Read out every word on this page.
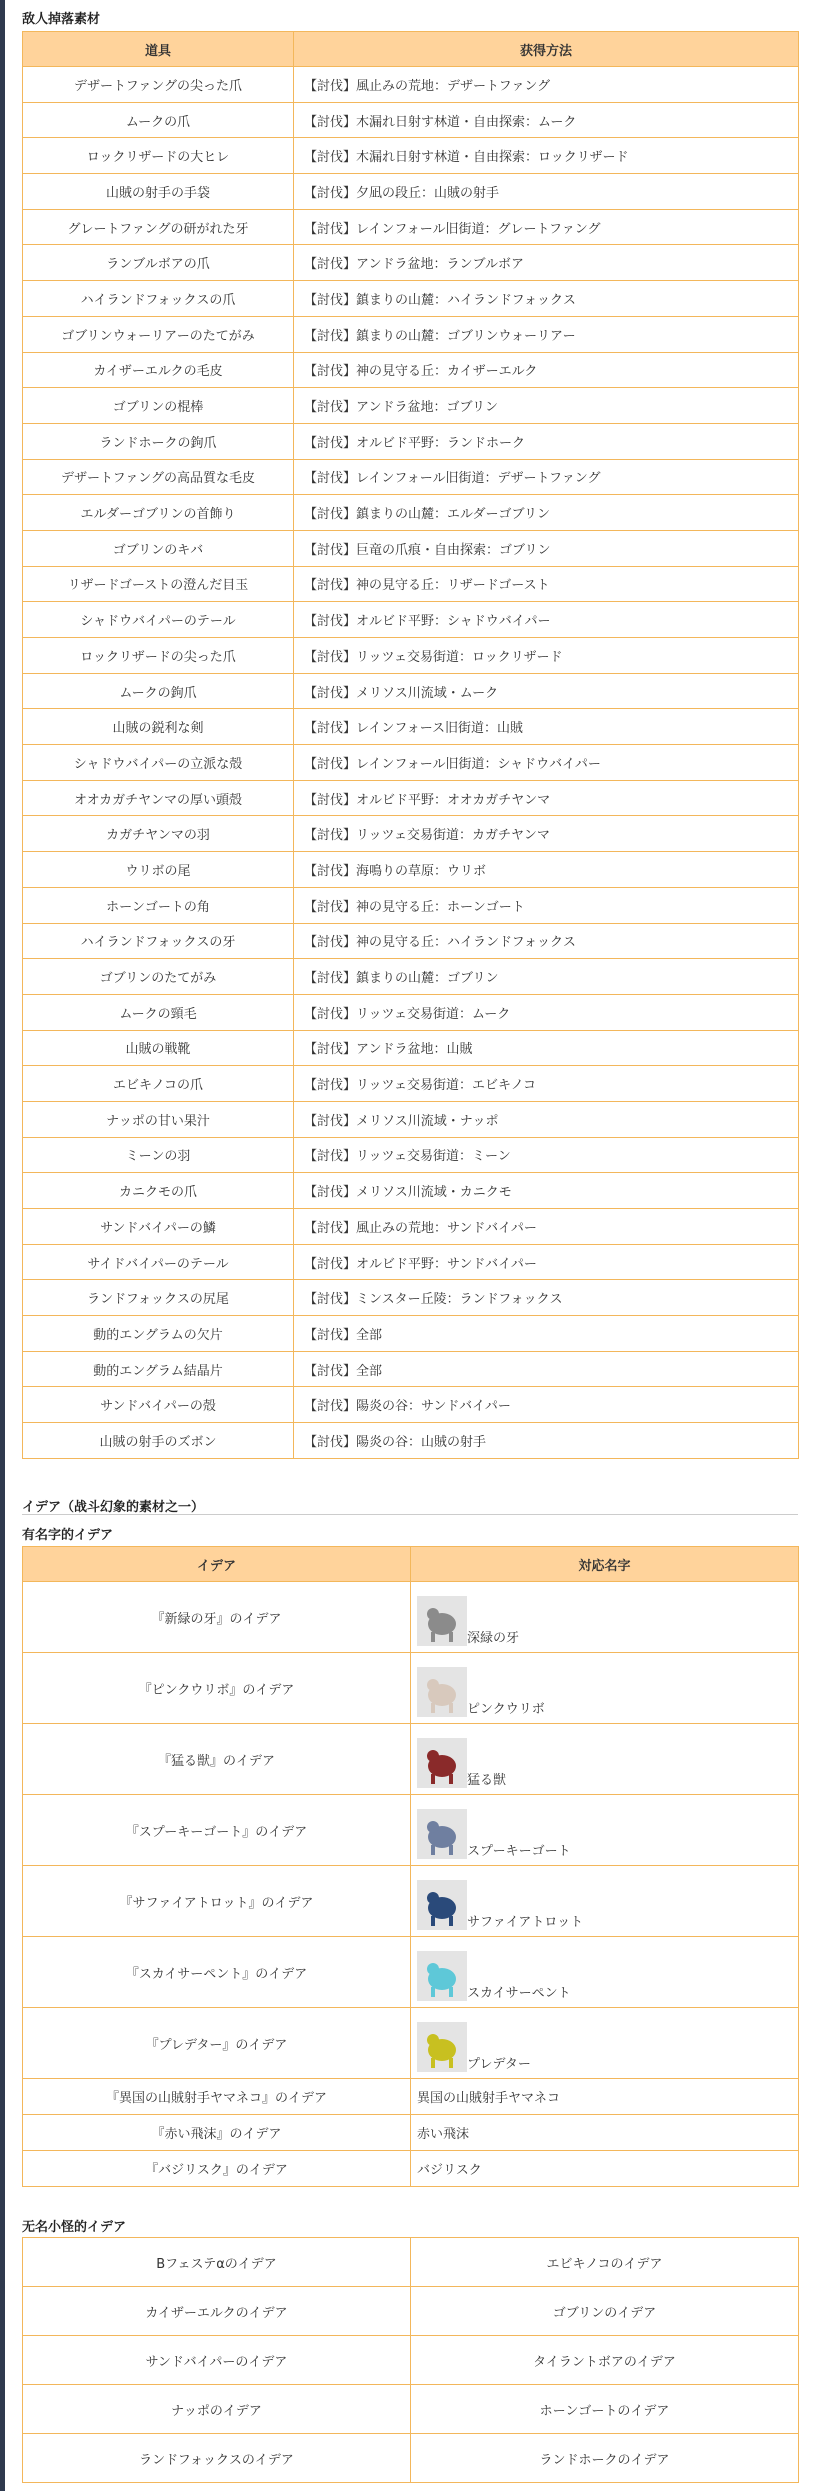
敌人掉落素材
道具	获得方法
デザートファングの尖った爪	【討伐】風止みの荒地：デザートファング
ムークの爪	【討伐】木漏れ日射す林道・自由探索：ムーク
ロックリザードの大ヒレ	【討伐】木漏れ日射す林道・自由探索：ロックリザード
山賊の射手の手袋	【討伐】夕凪の段丘：山賊の射手
グレートファングの研がれた牙	【討伐】レインフォール旧街道：グレートファング
ランブルボアの爪	【討伐】アンドラ盆地：ランブルボア
ハイランドフォックスの爪	【討伐】鎮まりの山麓：ハイランドフォックス
ゴブリンウォーリアーのたてがみ	【討伐】鎮まりの山麓：ゴブリンウォーリアー
カイザーエルクの毛皮	【討伐】神の見守る丘：カイザーエルク
ゴブリンの棍棒	【討伐】アンドラ盆地：ゴブリン
ランドホークの鉤爪	【討伐】オルビド平野：ランドホーク
デザートファングの高品質な毛皮	【討伐】レインフォール旧街道：デザートファング
エルダーゴブリンの首飾り	【討伐】鎮まりの山麓：エルダーゴブリン
ゴブリンのキバ	【討伐】巨竜の爪痕・自由探索：ゴブリン
リザードゴーストの澄んだ目玉	【討伐】神の見守る丘：リザードゴースト
シャドウバイパーのテール	【討伐】オルビド平野：シャドウバイパー
ロックリザードの尖った爪	【討伐】リッツェ交易街道：ロックリザード
ムークの鉤爪	【討伐】メリソス川流域・ムーク
山賊の鋭利な剣	【討伐】レインフォース旧街道：山賊
シャドウバイパーの立派な殻	【討伐】レインフォール旧街道：シャドウバイパー
オオカガチヤンマの厚い頭殻	【討伐】オルビド平野：オオカガチヤンマ
カガチヤンマの羽	【討伐】リッツェ交易街道：カガチヤンマ
ウリボの尾	【討伐】海鳴りの草原：ウリボ
ホーンゴートの角	【討伐】神の見守る丘：ホーンゴート
ハイランドフォックスの牙	【討伐】神の見守る丘：ハイランドフォックス
ゴブリンのたてがみ	【討伐】鎮まりの山麓：ゴブリン
ムークの頸毛	【討伐】リッツェ交易街道：ムーク
山賊の戦靴	【討伐】アンドラ盆地：山賊
エビキノコの爪	【討伐】リッツェ交易街道：エビキノコ
ナッポの甘い果汁	【討伐】メリソス川流域・ナッポ
ミーンの羽	【討伐】リッツェ交易街道：ミーン
カニクモの爪	【討伐】メリソス川流域・カニクモ
サンドバイパーの鱗	【討伐】風止みの荒地：サンドバイパー
サイドバイパーのテール	【討伐】オルビド平野：サンドバイパー
ランドフォックスの尻尾	【討伐】ミンスター丘陵：ランドフォックス
動的エングラムの欠片	【討伐】全部
動的エングラム結晶片	【討伐】全部
サンドバイパーの殻	【討伐】陽炎の谷：サンドバイパー
山賊の射手のズボン	【討伐】陽炎の谷：山賊の射手
イデア（战斗幻象的素材之一）
有名字的イデア
イデア	対応名字
『新緑の牙』のイデア	深緑の牙
『ピンクウリボ』のイデア	ピンクウリボ
『猛る獣』のイデア	猛る獣
『スプーキーゴート』のイデア	スプーキーゴート
『サファイアトロット』のイデア	サファイアトロット
『スカイサーペント』のイデア	スカイサーペント
『プレデター』のイデア	プレデター
『異国の山賊射手ヤマネコ』のイデア	異国の山賊射手ヤマネコ
『赤い飛沫』のイデア	赤い飛沫
『バジリスク』のイデア	バジリスク
无名小怪的イデア
Bフェステαのイデア	エビキノコのイデア
カイザーエルクのイデア	ゴブリンのイデア
サンドバイパーのイデア	タイラントボアのイデア
ナッポのイデア	ホーンゴートのイデア
ランドフォックスのイデア	ランドホークのイデア
